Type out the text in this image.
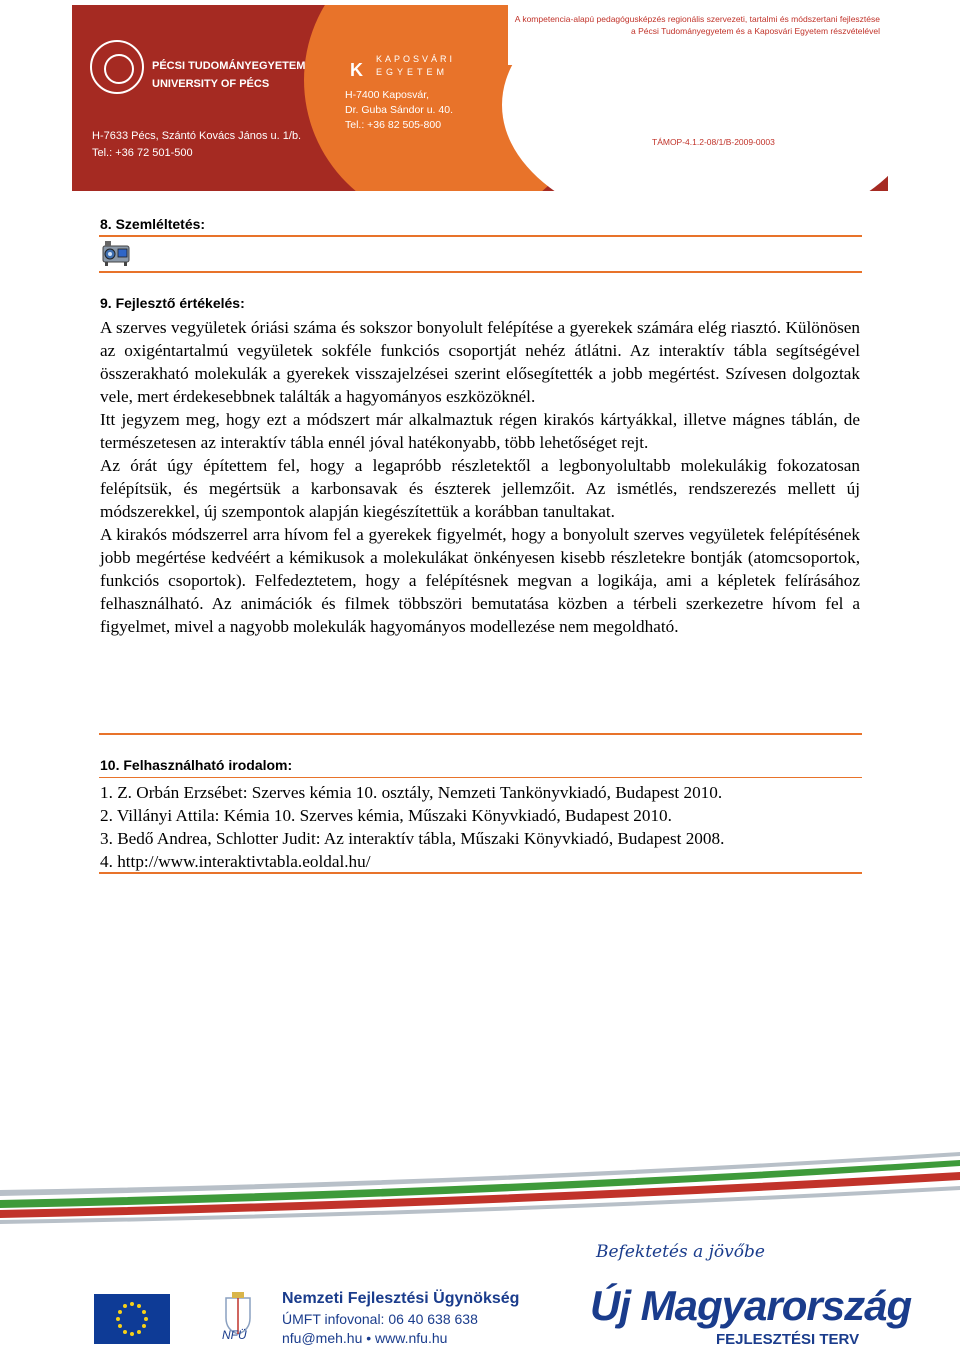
PÉCSI TUDOMÁNYEGYETEM
UNIVERSITY OF PÉCS
H-7633 Pécs, Szántó Kovács János u. 1/b.
Tel.: +36 72 501-500
K
KAPOSVÁRI
EGYETEM
H-7400 Kaposvár,
Dr. Guba Sándor u. 40.
Tel.: +36 82 505-800
A kompetencia-alapú pedagógusképzés regionális szervezeti, tartalmi és módszertani fejlesztése
a Pécsi Tudományegyetem és a Kaposvári Egyetem részvételével
TÁMOP-4.1.2-08/1/B-2009-0003
8. Szemléltetés:
9. Fejlesztő értékelés:

A szerves vegyületek óriási száma és sokszor bonyolult felépítése a gyerekek számára elég riasztó. Különösen az oxigéntartalmú vegyületek sokféle funkciós csoportját nehéz átlátni. Az interaktív tábla segítségével összerakható molekulák a gyerekek visszajelzései szerint elősegítették a jobb megértést. Szívesen dolgoztak vele, mert érdekesebbnek találták a hagyományos eszközöknél.

Itt jegyzem meg, hogy ezt a módszert már alkalmaztuk régen kirakós kártyákkal, illetve mágnes táblán, de természetesen az interaktív tábla ennél jóval hatékonyabb, több lehetőséget rejt.

Az órát úgy építettem fel, hogy a legapróbb részletektől a legbonyolultabb molekulákig fokozatosan felépítsük, és megértsük a karbonsavak és észterek jellemzőit. Az ismétlés, rendszerezés mellett új módszerekkel, új szempontok alapján kiegészítettük a korábban tanultakat.

A kirakós módszerrel arra hívom fel a gyerekek figyelmét, hogy a bonyolult szerves vegyületek felépítésének jobb megértése kedvéért a kémikusok a molekulákat önkényesen kisebb részletekre bontják (atomcsoportok, funkciós csoportok). Felfedeztetem, hogy a felépítésnek megvan a logikája, ami a képletek felírásához felhasználható. Az animációk és filmek többszöri bemutatása közben a térbeli szerkezetre hívom fel a figyelmet, mivel a nagyobb molekulák hagyományos modellezése nem megoldható.

10. Felhasználható irodalom:
1. Z. Orbán Erzsébet: Szerves kémia 10. osztály, Nemzeti Tankönyvkiadó, Budapest 2010.
2. Villányi Attila: Kémia 10. Szerves kémia, Műszaki Könyvkiadó, Budapest 2010.
3. Bedő Andrea, Schlotter Judit: Az interaktív tábla, Műszaki Könyvkiadó, Budapest 2008.
4. http://www.interaktivtabla.eoldal.hu/
Befektetés a jövőbe
NFÜ
Nemzeti Fejlesztési Ügynökség
ÚMFT infovonal: 06 40 638 638
nfu@meh.hu • www.nfu.hu
Új Magyarország
FEJLESZTÉSI TERV
